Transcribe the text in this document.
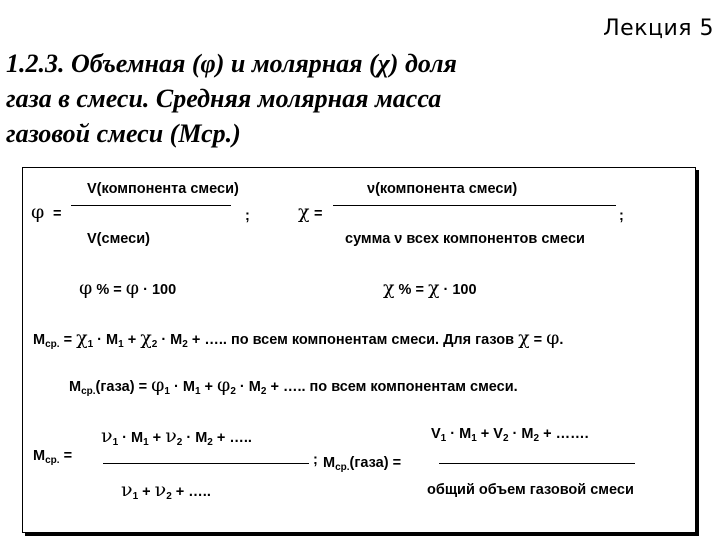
Лекция 5
1.2.3. Объемная (φ) и молярная (χ) доля
газа в смеси. Средняя молярная масса
газовой смеси (Мср.)
φ =
V(компонента смеси)
V(смеси)
;	χ =
ν(компонента смеси)
сумма ν всех компонентов смеси
;
φ % = φ · 100	χ % = χ · 100
$M_{ср.} = \chi_1 \cdot M_1 + \chi_2 \cdot M_2$ + ….. по всем компонентам смеси. Для газов χ = φ.
$M_{ср.}(газа) = \varphi_1 \cdot M_1 + \varphi_2 \cdot M_2$ + ….. по всем компонентам смеси.
$M_{ср.}$ =
$\nu_1 \cdot M_1 + \nu_2 \cdot M_2$ + …..
$\nu_1 + \nu_2$ + …..
; $M_{ср.}(газа)$ =
$V_1 \cdot M_1 + V_2 \cdot M_2$ + …….
общий объем газовой смеси
